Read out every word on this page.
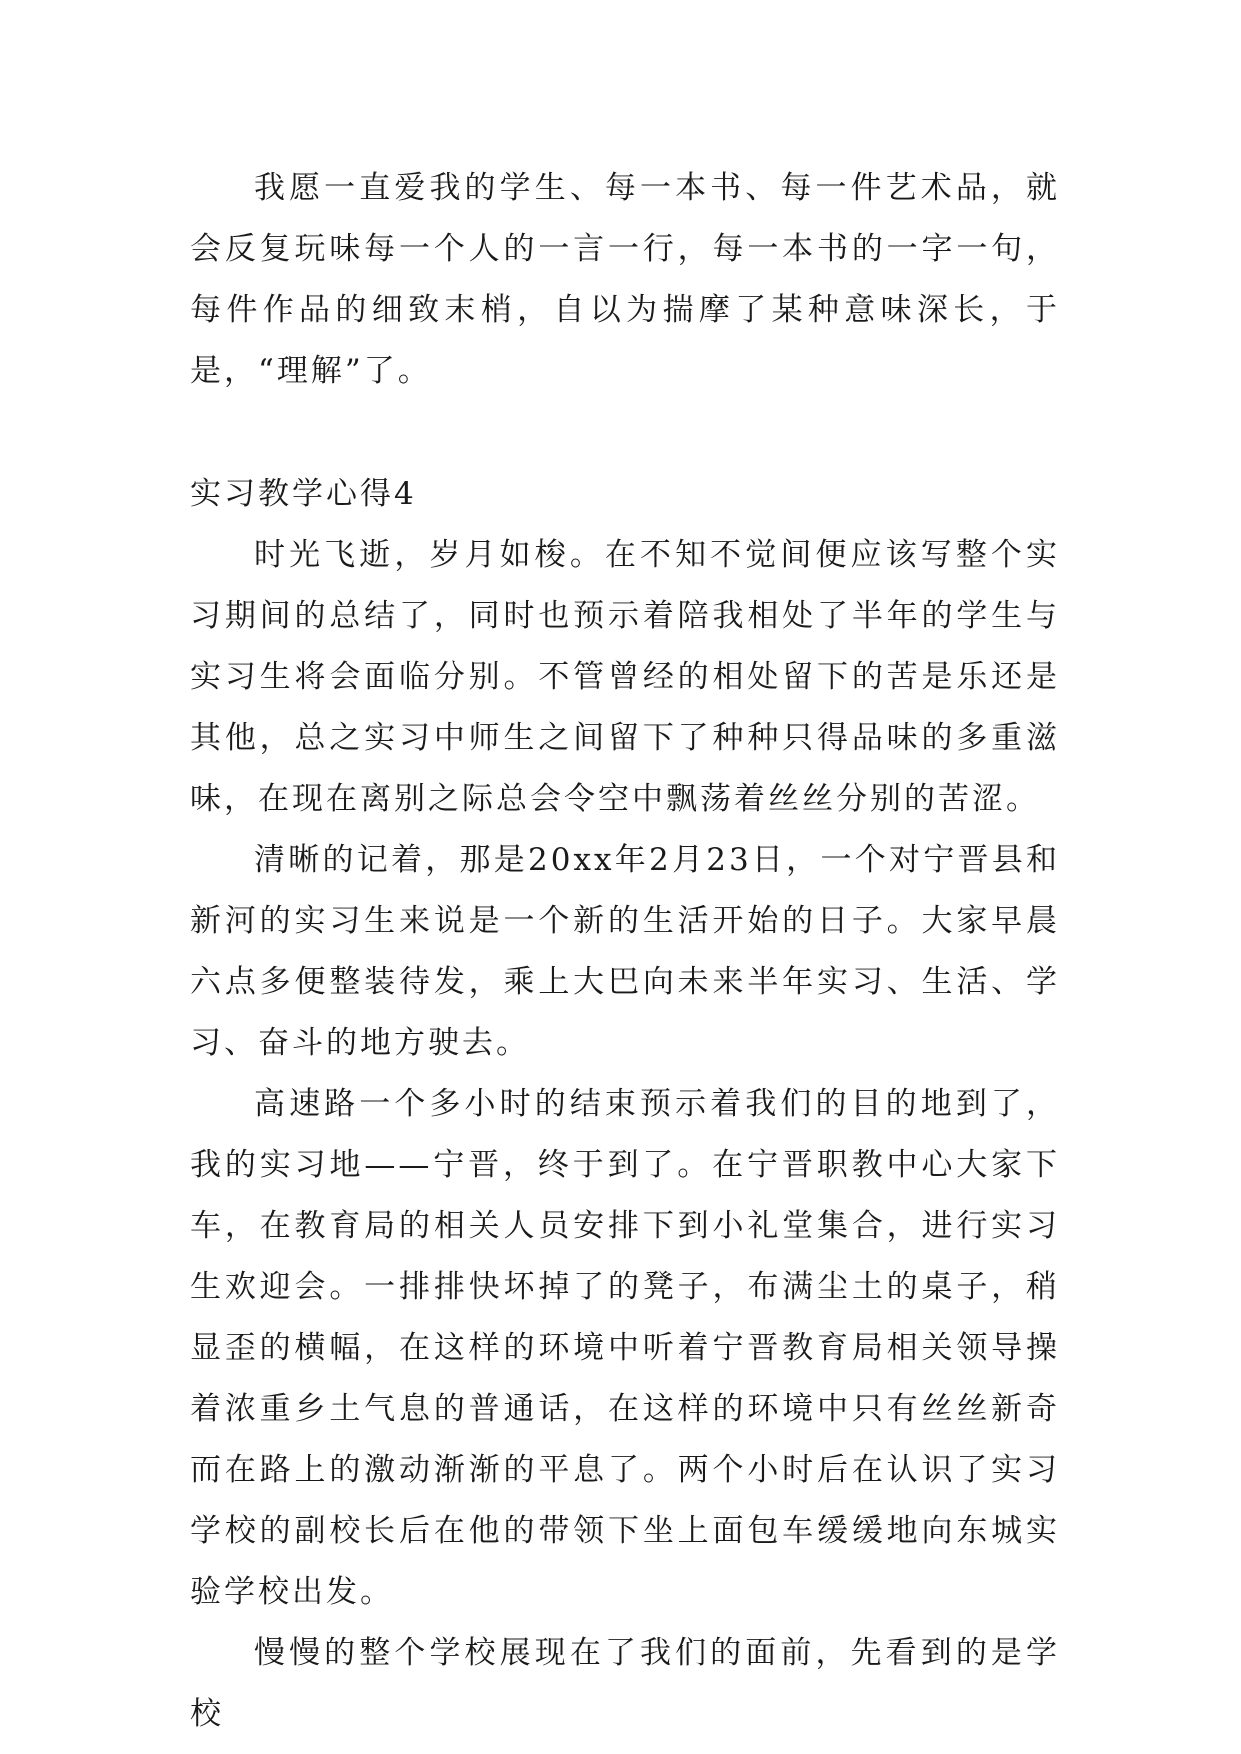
我愿一直爱我的学生、每一本书、每一件艺术品，就会反复玩味每一个人的一言一行，每一本书的一字一句，每件作品的细致末梢，自以为揣摩了某种意味深长，于是，“理解”了。

实习教学心得4

时光飞逝，岁月如梭。在不知不觉间便应该写整个实习期间的总结了，同时也预示着陪我相处了半年的学生与实习生将会面临分别。不管曾经的相处留下的苦是乐还是其他，总之实习中师生之间留下了种种只得品味的多重滋味，在现在离别之际总会令空中飘荡着丝丝分别的苦涩。

清晰的记着，那是20xx年2月23日，一个对宁晋县和新河的实习生来说是一个新的生活开始的日子。大家早晨六点多便整装待发，乘上大巴向未来半年实习、生活、学习、奋斗的地方驶去。

高速路一个多小时的结束预示着我们的目的地到了，我的实习地——宁晋，终于到了。在宁晋职教中心大家下车，在教育局的相关人员安排下到小礼堂集合，进行实习生欢迎会。一排排快坏掉了的凳子，布满尘土的桌子，稍显歪的横幅，在这样的环境中听着宁晋教育局相关领导操着浓重乡土气息的普通话，在这样的环境中只有丝丝新奇而在路上的激动渐渐的平息了。两个小时后在认识了实习学校的副校长后在他的带领下坐上面包车缓缓地向东城实验学校出发。

慢慢的整个学校展现在了我们的面前，先看到的是学校
